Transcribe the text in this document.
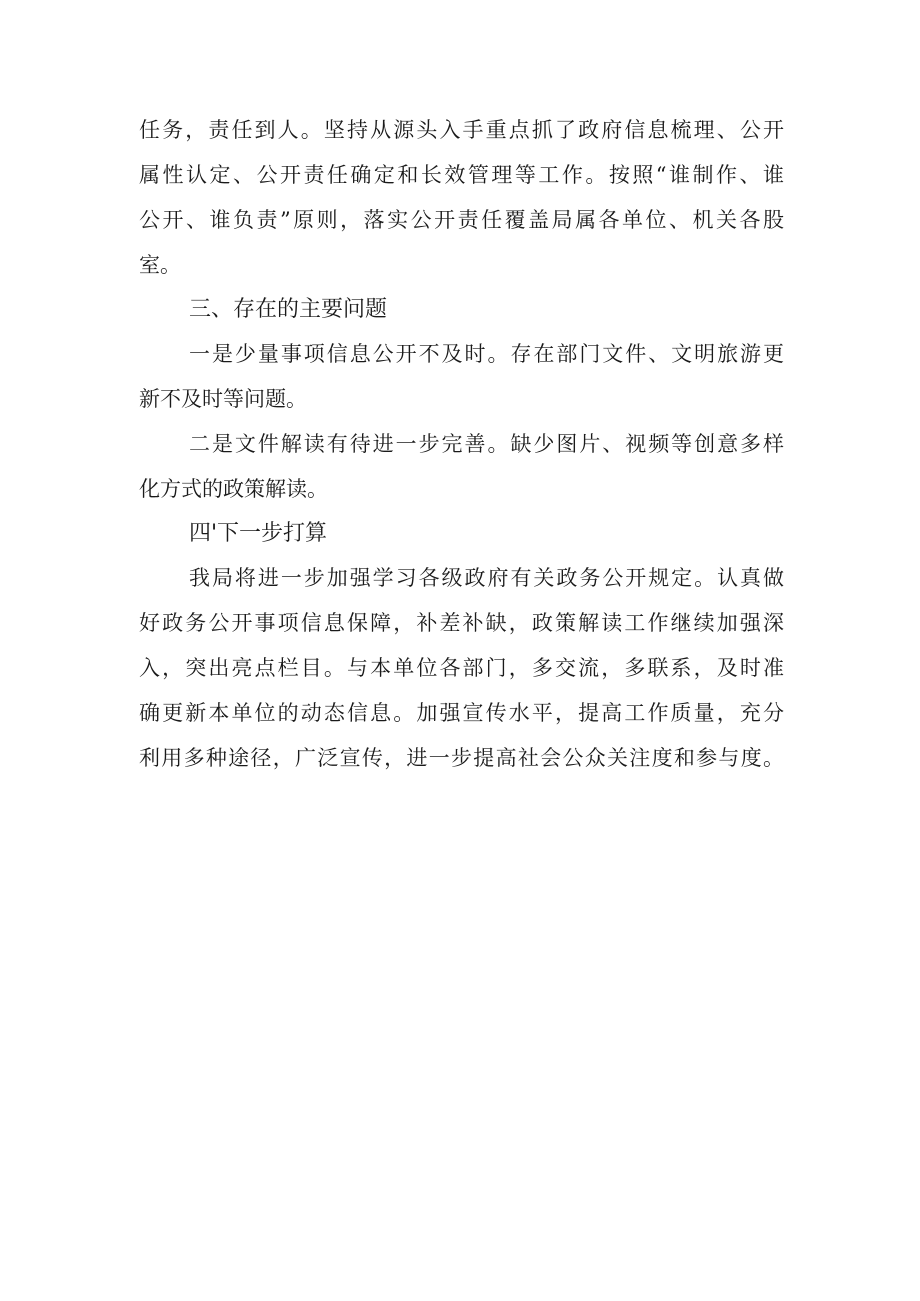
任务，责任到人。坚持从源头入手重点抓了政府信息梳理、公开
属性认定、公开责任确定和长效管理等工作。按照“谁制作、谁
公开、谁负责”原则，落实公开责任覆盖局属各单位、机关各股
室。
三、存在的主要问题
一是少量事项信息公开不及时。存在部门文件、文明旅游更
新不及时等问题。
二是文件解读有待进一步完善。缺少图片、视频等创意多样
化方式的政策解读。
四'下一步打算
我局将进一步加强学习各级政府有关政务公开规定。认真做
好政务公开事项信息保障，补差补缺，政策解读工作继续加强深
入，突出亮点栏目。与本单位各部门，多交流，多联系，及时准
确更新本单位的动态信息。加强宣传水平，提高工作质量，充分
利用多种途径，广泛宣传，进一步提高社会公众关注度和参与度。
